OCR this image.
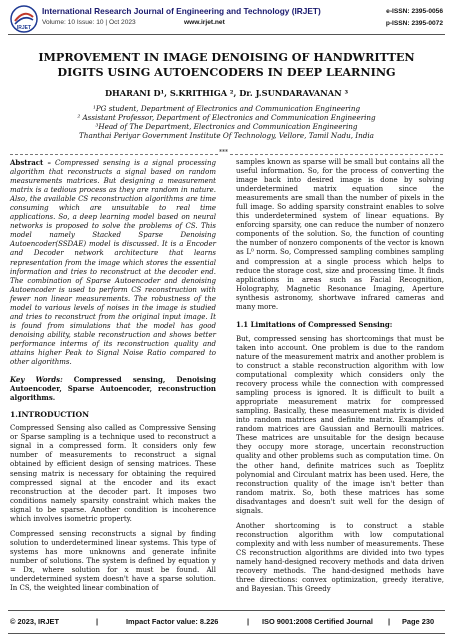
IRJET
International Research Journal of Engineering and Technology (IRJET)
Volume: 10 Issue: 10 | Oct 2023	www.irjet.net
e-ISSN: 2395-0056
p-ISSN: 2395-0072
IMPROVEMENT IN IMAGE DENOISING OF HANDWRITTEN DIGITS USING AUTOENCODERS IN DEEP LEARNING
DHARANI D¹, S.KRITHIGA ², Dr. J.SUNDARAVANAN ³
¹PG student, Department of Electronics and Communication Engineering
² Assistant Professor, Department of Electronics and Communication Engineering
³Head of The Department, Electronics and Communication Engineering
Thanthai Periyar Government Institute Of Technology, Vellore, Tamil Nadu, India
***

Abstract – Compressed sensing is a signal processing algorithm that reconstructs a signal based on random measurements matrices. But designing a measurement matrix is a tedious process as they are random in nature. Also, the available CS reconstruction algorithms are time consuming which are unsuitable to real time applications. So, a deep learning model based on neural networks is proposed to solve the problems of CS. This model namely Stacked Sparse Denoising Autoencoder(SSDAE) model is discussed. It is a Encoder and Decoder network architecture that learns representation from the image which stores the essential information and tries to reconstruct at the decoder end. The combination of Sparse Autoencoder and denoising Autoencoder is used to perform CS reconstruction with fewer non linear measurements. The robustness of the model to various levels of noises in the image is studied and tries to reconstruct from the original input image. It is found from simulations that the model has good denoising ability, stable reconstruction and shows better performance interms of its reconstruction quality and attains higher Peak to Signal Noise Ratio compared to other algorithms.

Key Words: Compressed sensing, Denoising Autoencoder, Sparse Autoencoder, reconstruction algorithms.

1.INTRODUCTION

Compressed Sensing also called as Compressive Sensing or Sparse sampling is a technique used to reconstruct a signal in a compressed form. It considers only few number of measurements to reconstruct a signal obtained by efficient design of sensing matrices. These sensing matrix is necessary for obtaining the required compressed signal at the encoder and its exact reconstruction at the decoder part. It imposes two conditions namely sparsity constraint which makes the signal to be sparse. Another condition is incoherence which involves isometric property.

Compressed sensing reconstructs a signal by finding solution to underdetermined linear systems. This type of systems has more unknowns and generate infinite number of solutions. The system is defined by equation y = Dx, where solution for x must be found. All underdetermined system doesn't have a sparse solution. In CS, the weighted linear combination of

samples known as sparse will be small but contains all the useful information. So, for the process of converting the image back into desired image is done by solving underdetermined matrix equation since the measurements are small than the number of pixels in the full image. So adding sparsity constraint enables to solve this underdetermined system of linear equations. By enforcing sparsity, one can reduce the number of nonzero components of the solution. So, the function of counting the number of nonzero components of the vector is known as L⁰ norm. So, Compressed sampling combines sampling and compression at a single process which helps to reduce the storage cost, size and processing time. It finds applications in areas such as Facial Recognition, Holography, Magnetic Resonance Imaging, Aperture synthesis astronomy, shortwave infrared cameras and many more.

1.1 Limitations of Compressed Sensing:

But, compressed sensing has shortcomings that must be taken into account. One problem is due to the random nature of the measurement matrix and another problem is to construct a stable reconstruction algorithm with low computational complexity which considers only the recovery process while the connection with compressed sampling process is ignored. It is difficult to built a appropriate measurement matrix for compressed sampling. Basically, these measurement matrix is divided into random matrices and definite matrix. Examples of random matrices are Gaussian and Bernoulli matrices. These matrices are unsuitable for the design because they occupy more storage, uncertain reconstruction quality and other problems such as computation time. On the other hand, definite matrices such as Toeplitz polynomial and Circulant matrix has been used. Here, the reconstruction quality of the image isn't better than random matrix. So, both these matrices has some disadvantages and doesn't suit well for the design of signals.

Another shortcoming is to construct a stable reconstruction algorithm with low computational complexity and with less number of measurements. These CS reconstruction algorithms are divided into two types namely hand-designed recovery methods and data driven recovery methods. The hand-designed methods have three directions: convex optimization, greedy iterative, and Bayesian. This Greedy

© 2023, IRJET	|	Impact Factor value: 8.226	| ISO 9001:2008 Certified Journal | Page 230
